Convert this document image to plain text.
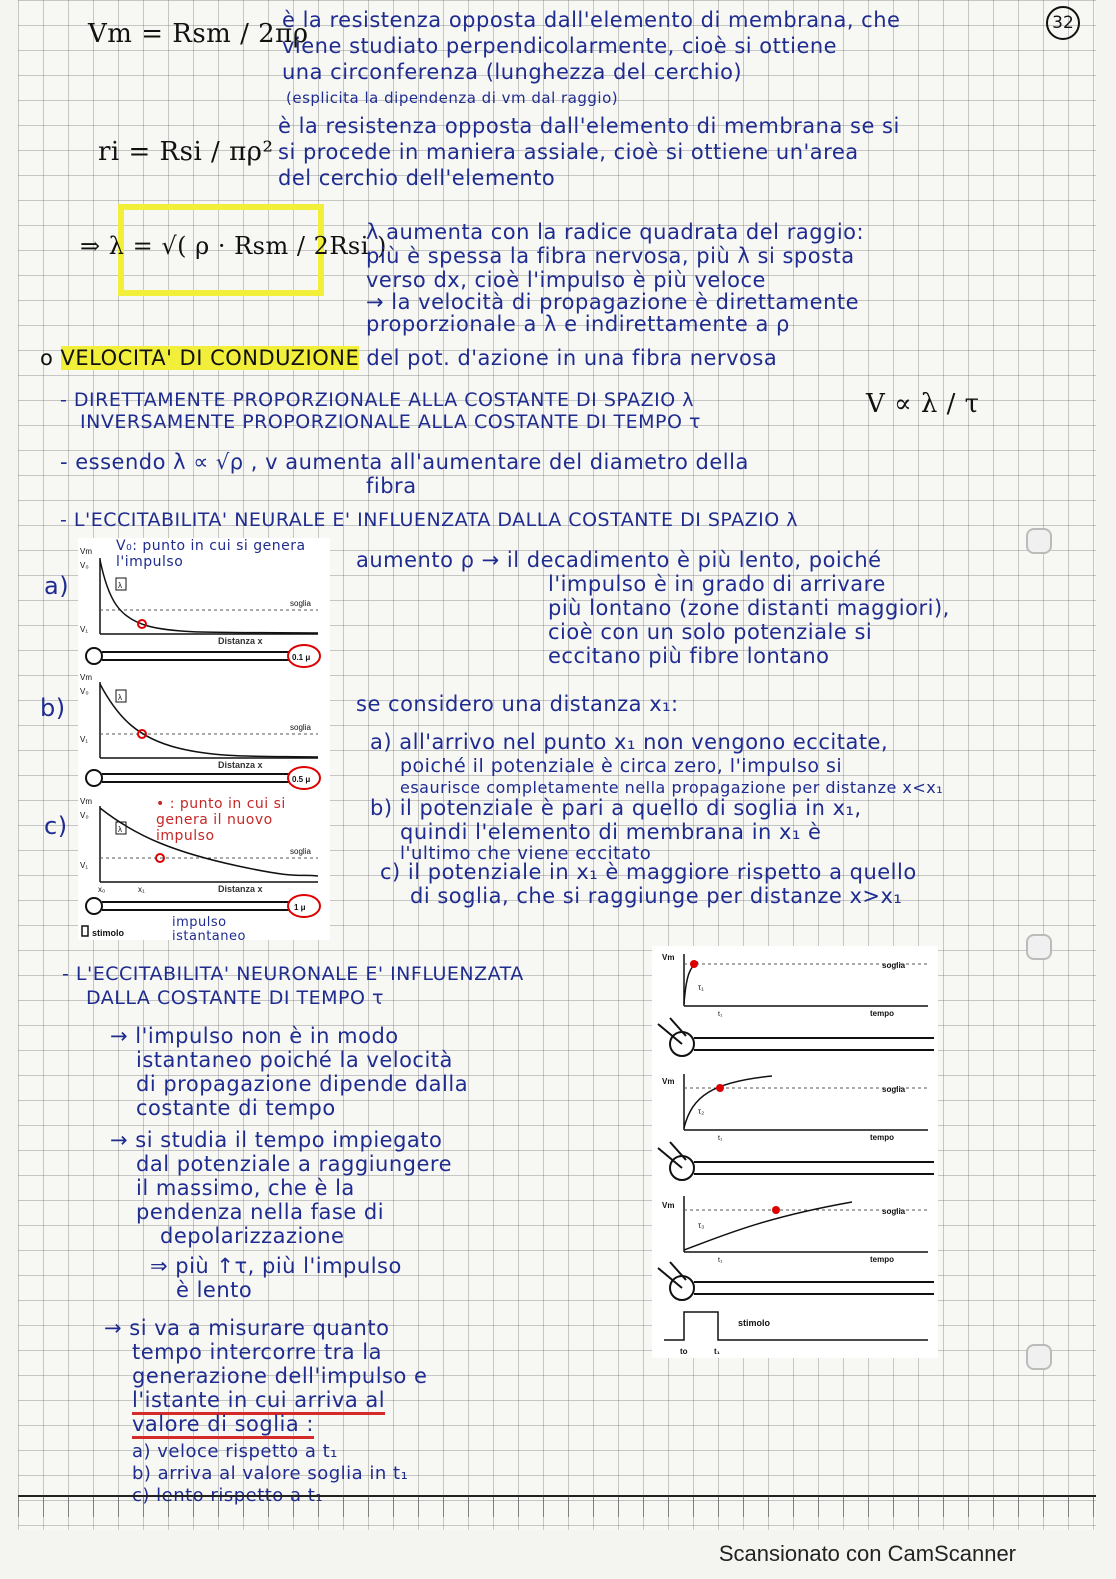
32
Vm = Rsm / 2πρ
è la resistenza opposta dall'elemento di membrana, che
viene studiato perpendicolarmente, cioè si ottiene
una circonferenza (lunghezza del cerchio)
(esplicita la dipendenza di vm dal raggio)
ri = Rsi / πρ²
è la resistenza opposta dall'elemento di membrana se si
si procede in maniera assiale, cioè si ottiene un'area
del cerchio dell'elemento
⇒ λ = √( ρ · Rsm / 2Rsi )
λ aumenta con la radice quadrata del raggio:
più è spessa la fibra nervosa, più λ si sposta
verso dx, cioè l'impulso è più veloce
→ la velocità di propagazione è direttamente
proporzionale a λ e indirettamente a ρ
o VELOCITA' DI CONDUZIONE del pot. d'azione in una fibra nervosa
- DIRETTAMENTE PROPORZIONALE ALLA COSTANTE DI SPAZIO λ
INVERSAMENTE PROPORZIONALE ALLA COSTANTE DI TEMPO τ
V ∝ λ / τ
- essendo λ ∝ √ρ , v aumenta all'aumentare del diametro della
fibra
- L'ECCITABILITA' NEURALE E' INFLUENZATA DALLA COSTANTE DI SPAZIO λ
Vm
V₀
V₁
λ
soglia
Distanza x
0.1 μ
Vm
V₀
V₁
λ
soglia
Distanza x
0.5 μ
Vm
V₀
V₁
λ
soglia
x₀	x₁	Distanza x
1 μ
stimolo
a)
b)
c)
V₀: punto in cui si genera l'impulso
• : punto in cui si genera il nuovo impulso
impulso istantaneo
aumento ρ → il decadimento è più lento, poiché
l'impulso è in grado di arrivare
più lontano (zone distanti maggiori),
cioè con un solo potenziale si
eccitano più fibre lontano
se considero una distanza x₁:
a) all'arrivo nel punto x₁ non vengono eccitate,
poiché il potenziale è circa zero, l'impulso si
esaurisce completamente nella propagazione per distanze x<x₁
b) il potenziale è pari a quello di soglia in x₁,
quindi l'elemento di membrana in x₁ è
l'ultimo che viene eccitato
c) il potenziale in x₁ è maggiore rispetto a quello
di soglia, che si raggiunge per distanze x>x₁
- L'ECCITABILITA' NEURONALE E' INFLUENZATA
DALLA COSTANTE DI TEMPO τ
→ l'impulso non è in modo
istantaneo poiché la velocità
di propagazione dipende dalla
costante di tempo
→ si studia il tempo impiegato
dal potenziale a raggiungere
il massimo, che è la
pendenza nella fase di
depolarizzazione
⇒ più ↑τ, più l'impulso
è lento
→ si va a misurare quanto
tempo intercorre tra la
generazione dell'impulso e
l'istante in cui arriva al
valore di soglia :
a) veloce rispetto a t₁
b) arriva al valore soglia in t₁
Vm
soglia
τ₁
t₁	tempo
Vm
soglia
τ₂
t₁	tempo
Vm
soglia
τ₃
t₁	tempo
stimolo
to	t₁
Scansionato con CamScanner
